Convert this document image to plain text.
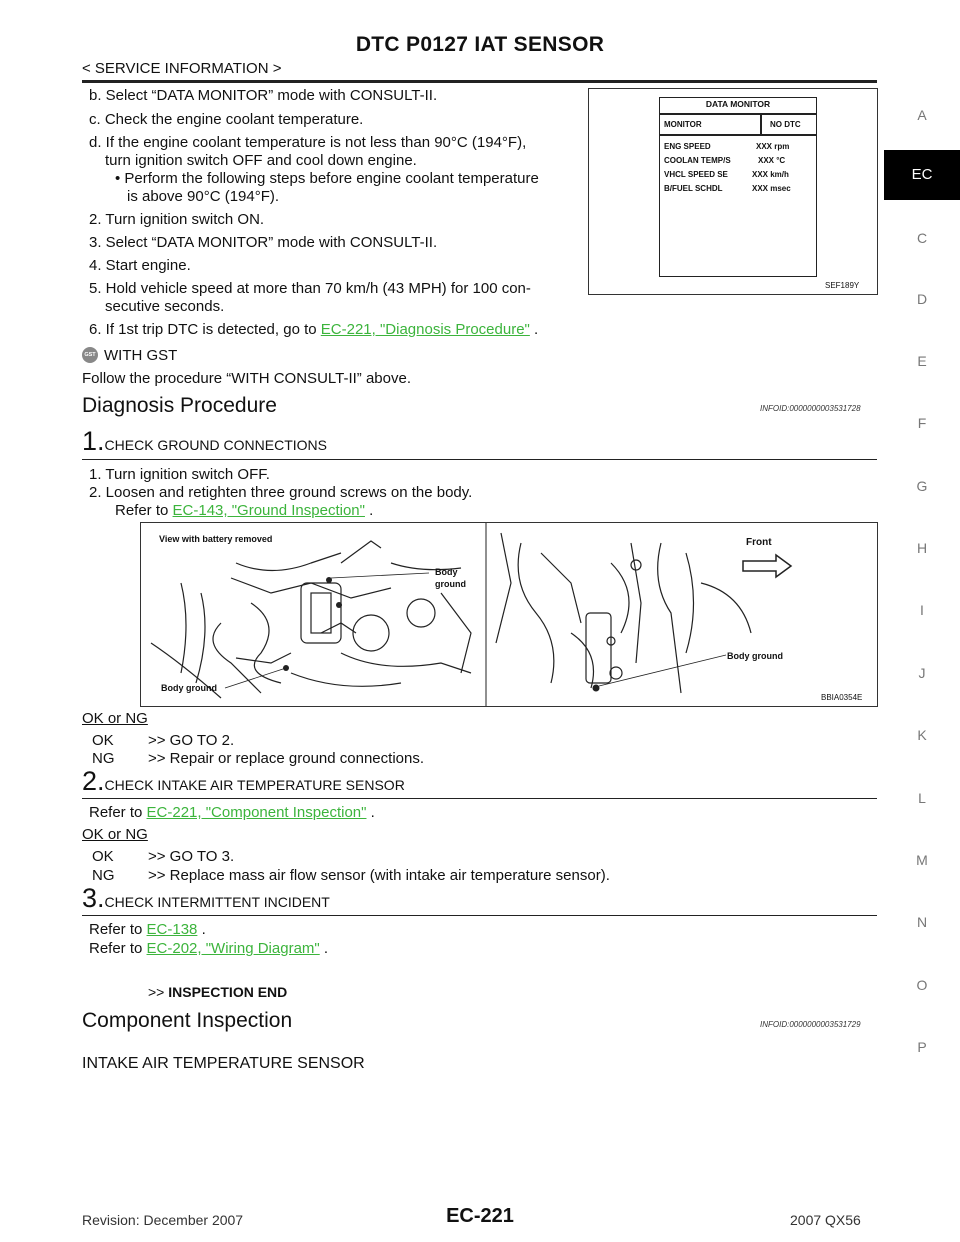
DTC P0127 IAT SENSOR
< SERVICE INFORMATION >
A
EC
C
D
E
F
G
H
I
J
K
L
M
N
O
P
b. Select “DATA MONITOR” mode with CONSULT-II.
c. Check the engine coolant temperature.
d. If the engine coolant temperature is not less than 90°C (194°F),
turn ignition switch OFF and cool down engine.
• Perform the following steps before engine coolant temperature
is above 90°C (194°F).
2. Turn ignition switch ON.
3. Select “DATA MONITOR” mode with CONSULT-II.
4. Start engine.
5. Hold vehicle speed at more than 70 km/h (43 MPH) for 100 con-
secutive seconds.
6. If 1st trip DTC is detected, go to EC-221, "Diagnosis Procedure" .
DATA MONITOR
MONITOR	NO DTC
ENG SPEED	XXX rpm
COOLAN TEMP/S	XXX °C
VHCL SPEED SE	XXX km/h
B/FUEL SCHDL	XXX msec
SEF189Y
GST WITH GST
Follow the procedure “WITH CONSULT-II” above.
Diagnosis Procedure	INFOID:0000000003531728
1.CHECK GROUND CONNECTIONS
1. Turn ignition switch OFF.
2. Loosen and retighten three ground screws on the body.
Refer to EC-143, "Ground Inspection" .
View with battery removed
Body
ground
Body ground
Front
Body ground
BBIA0354E
OK or NG
OK >> GO TO 2.
NG >> Repair or replace ground connections.
2.CHECK INTAKE AIR TEMPERATURE SENSOR
Refer to EC-221, "Component Inspection" .
OK or NG
OK >> GO TO 3.
NG >> Replace mass air flow sensor (with intake air temperature sensor).
3.CHECK INTERMITTENT INCIDENT
Refer to EC-138 .
Refer to EC-202, "Wiring Diagram" .
>> INSPECTION END
Component Inspection	INFOID:0000000003531729
INTAKE AIR TEMPERATURE SENSOR
Revision: December 2007	EC-221	2007 QX56
